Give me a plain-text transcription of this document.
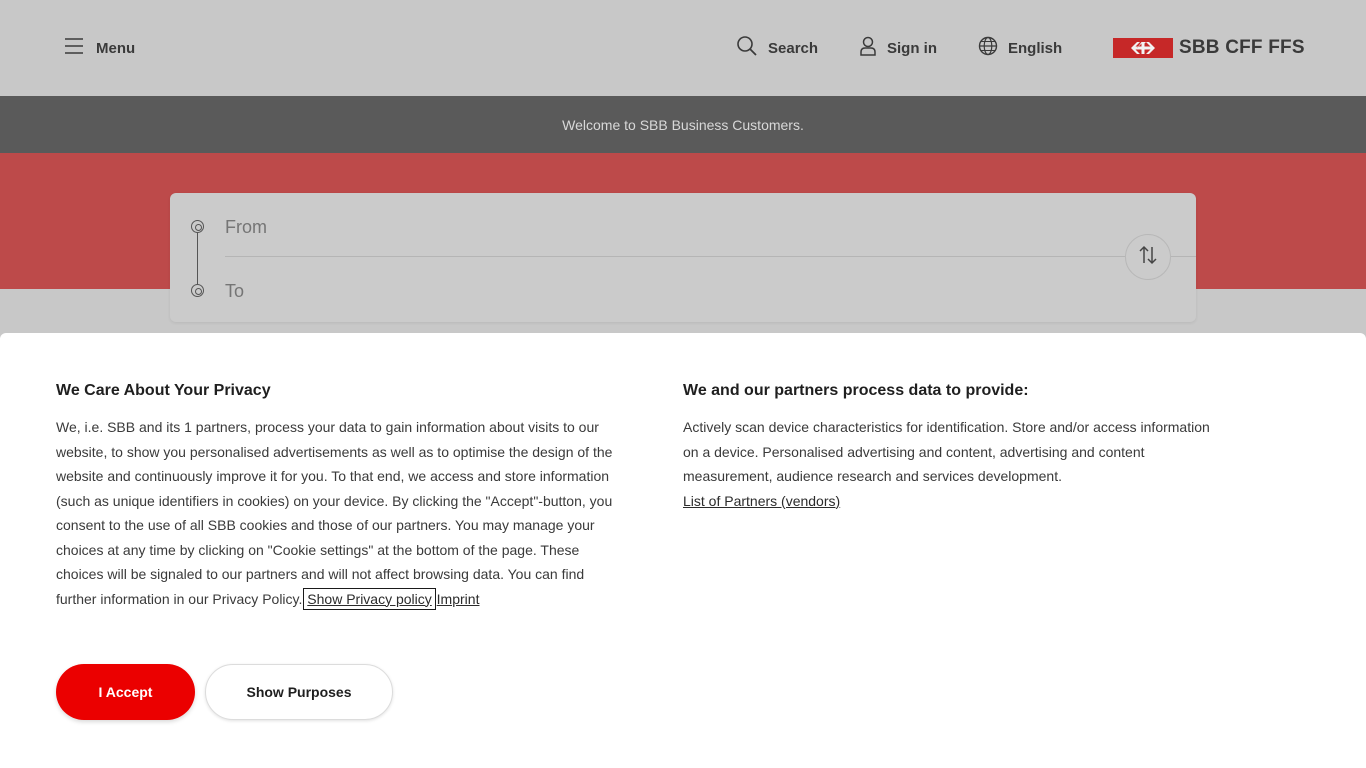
Menu	Search	Sign in	English	SBB CFF FFS
Welcome to SBB Business Customers.
From
To
We Care About Your Privacy
We, i.e. SBB and its 1 partners, process your data to gain information about visits to our website, to show you personalised advertisements as well as to optimise the design of the website and continuously improve it for you. To that end, we access and store information (such as unique identifiers in cookies) on your device. By clicking the "Accept"-button, you consent to the use of all SBB cookies and those of our partners. You may manage your choices at any time by clicking on "Cookie settings" at the bottom of the page. These choices will be signaled to our partners and will not affect browsing data. You can find further information in our Privacy Policy. Show Privacy policy Imprint
We and our partners process data to provide:
Actively scan device characteristics for identification. Store and/or access information on a device. Personalised advertising and content, advertising and content measurement, audience research and services development.
List of Partners (vendors)
I Accept	Show Purposes
